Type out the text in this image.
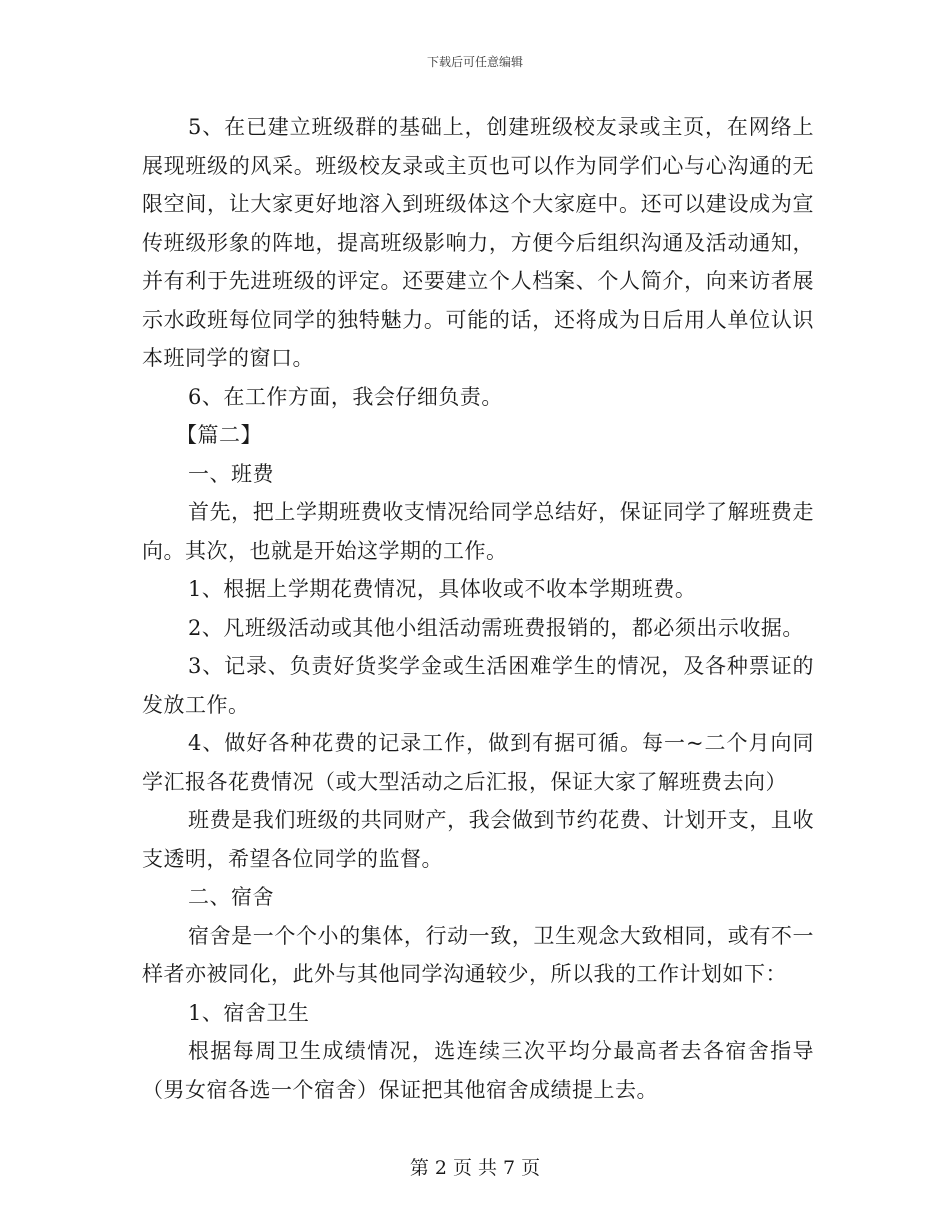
下载后可任意编辑

5、在已建立班级群的基础上，创建班级校友录或主页，在网络上展现班级的风采。班级校友录或主页也可以作为同学们心与心沟通的无限空间，让大家更好地溶入到班级体这个大家庭中。还可以建设成为宣传班级形象的阵地，提高班级影响力，方便今后组织沟通及活动通知，并有利于先进班级的评定。还要建立个人档案、个人简介，向来访者展示水政班每位同学的独特魅力。可能的话，还将成为日后用人单位认识本班同学的窗口。

6、在工作方面，我会仔细负责。

【篇二】

一、班费

首先，把上学期班费收支情况给同学总结好，保证同学了解班费走向。其次，也就是开始这学期的工作。

1、根据上学期花费情况，具体收或不收本学期班费。

2、凡班级活动或其他小组活动需班费报销的，都必须出示收据。

3、记录、负责好货奖学金或生活困难学生的情况，及各种票证的发放工作。

4、做好各种花费的记录工作，做到有据可循。每一~二个月向同学汇报各花费情况（或大型活动之后汇报，保证大家了解班费去向）

班费是我们班级的共同财产，我会做到节约花费、计划开支，且收支透明，希望各位同学的监督。

二、宿舍

宿舍是一个个小的集体，行动一致，卫生观念大致相同，或有不一样者亦被同化，此外与其他同学沟通较少，所以我的工作计划如下：

1、宿舍卫生

根据每周卫生成绩情况，选连续三次平均分最高者去各宿舍指导（男女宿各选一个宿舍）保证把其他宿舍成绩提上去。

第 2 页 共 7 页
